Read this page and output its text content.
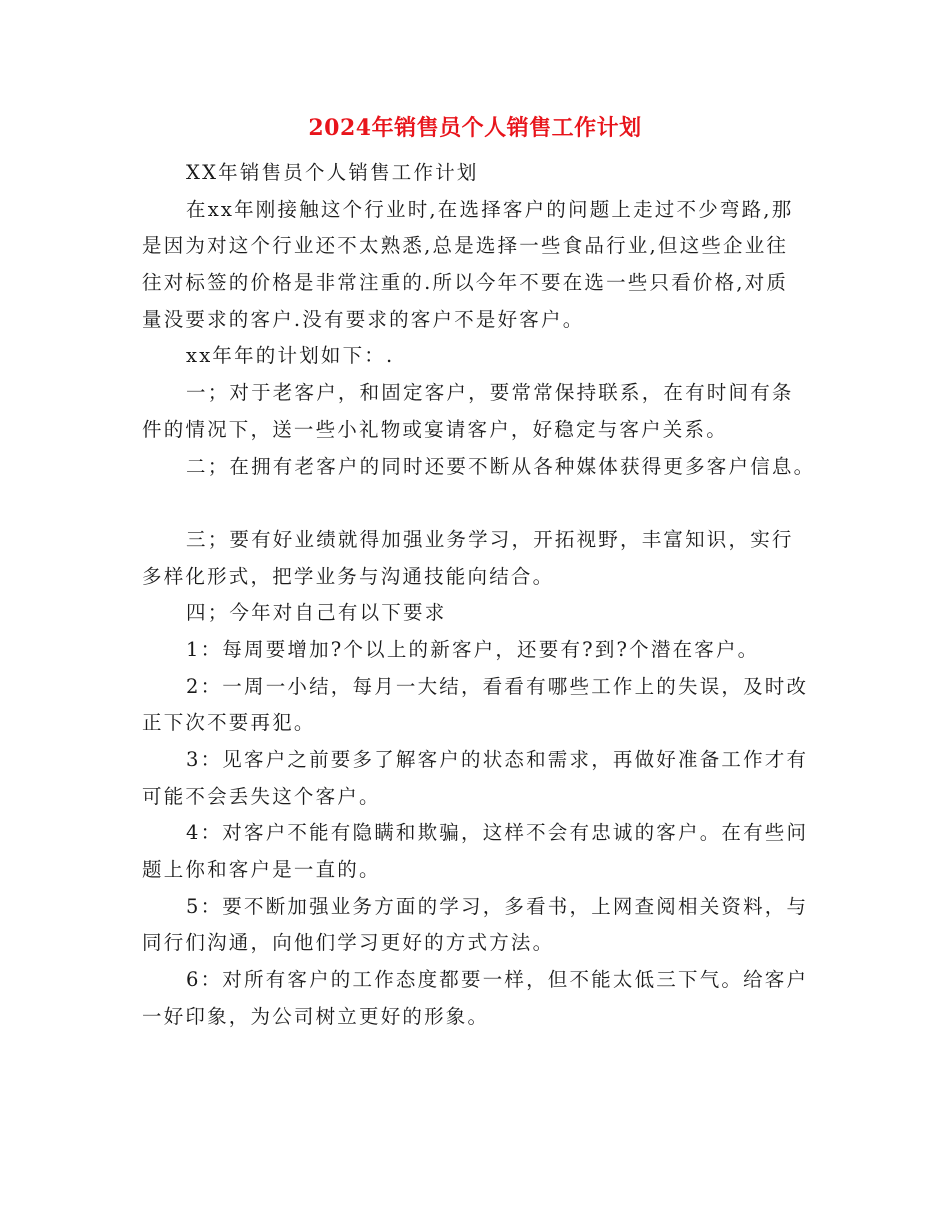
2024年销售员个人销售工作计划
XX年销售员个人销售工作计划
在xx年刚接触这个行业时,在选择客户的问题上走过不少弯路,那
是因为对这个行业还不太熟悉,总是选择一些食品行业,但这些企业往
往对标签的价格是非常注重的.所以今年不要在选一些只看价格,对质
量没要求的客户.没有要求的客户不是好客户。
xx年年的计划如下：.
一；对于老客户，和固定客户，要常常保持联系，在有时间有条
件的情况下，送一些小礼物或宴请客户，好稳定与客户关系。
二；在拥有老客户的同时还要不断从各种媒体获得更多客户信息。
三；要有好业绩就得加强业务学习，开拓视野，丰富知识，实行
多样化形式，把学业务与沟通技能向结合。
四；今年对自己有以下要求
1：每周要增加?个以上的新客户，还要有?到?个潜在客户。
2：一周一小结，每月一大结，看看有哪些工作上的失误，及时改
正下次不要再犯。
3：见客户之前要多了解客户的状态和需求，再做好准备工作才有
可能不会丢失这个客户。
4：对客户不能有隐瞒和欺骗，这样不会有忠诚的客户。在有些问
题上你和客户是一直的。
5：要不断加强业务方面的学习，多看书，上网查阅相关资料，与
同行们沟通，向他们学习更好的方式方法。
6：对所有客户的工作态度都要一样，但不能太低三下气。给客户
一好印象，为公司树立更好的形象。
